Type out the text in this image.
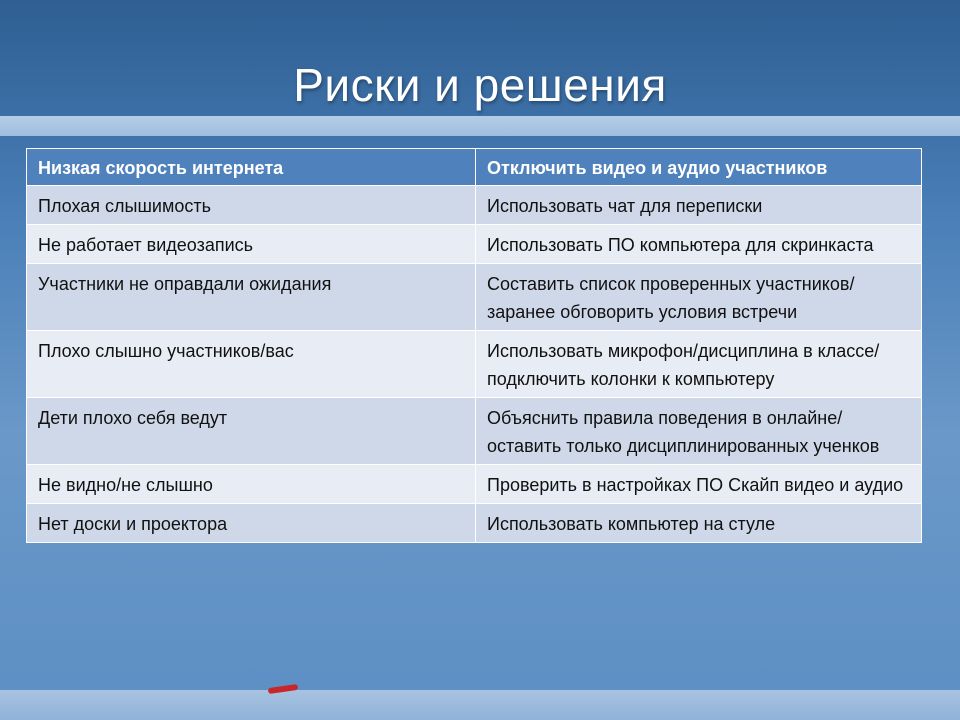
Риски и решения
Низкая скорость интернета	Отключить видео и аудио участников
Плохая слышимость	Использовать чат для переписки
Не работает видеозапись	Использовать ПО компьютера для скринкаста
Участники не оправдали ожидания	Составить список проверенных участников/заранее обговорить условия встречи
Плохо слышно участников/вас	Использовать микрофон/дисциплина в классе/подключить колонки к компьютеру
Дети плохо себя ведут	Объяснить правила поведения в онлайне/оставить только дисциплинированных ученков
Не видно/не слышно	Проверить в настройках ПО Скайп видео и аудио
Нет доски и проектора	Использовать компьютер на стуле
